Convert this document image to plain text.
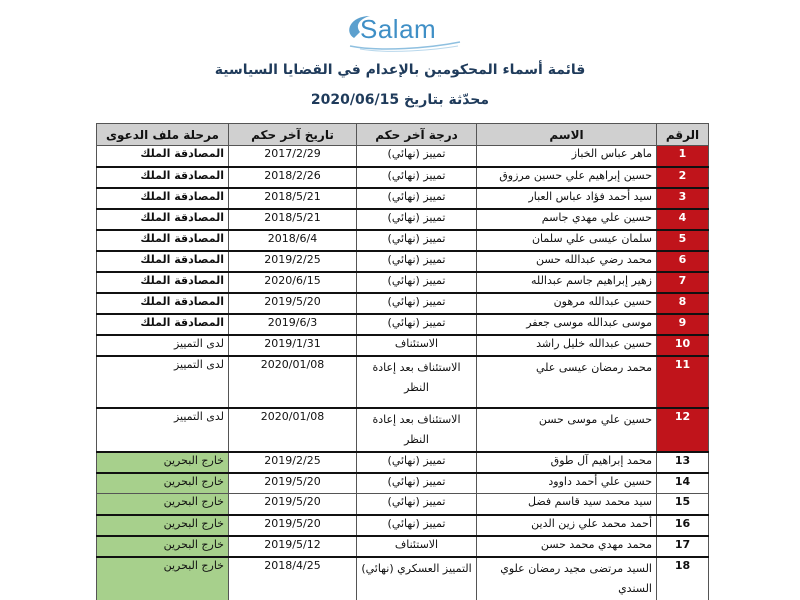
Salam
قائمة أسماء المحكومين بالإعدام في القضايا السياسية
محدّثة بتاريخ 2020/06/15
الرقم	الاسم	درجة آخر حكم	تاريخ آخر حكم	مرحلة ملف الدعوى
1	ماهر عباس الخباز	تمييز (نهائي)	2017/2/29	المصادقة الملك
2	حسين إبراهيم علي حسين مرزوق	تمييز (نهائي)	2018/2/26	المصادقة الملك
3	سيد أحمد فؤاد عباس العبار	تمييز (نهائي)	2018/5/21	المصادقة الملك
4	حسين علي مهدي جاسم	تمييز (نهائي)	2018/5/21	المصادقة الملك
5	سلمان عيسى علي سلمان	تمييز (نهائي)	2018/6/4	المصادقة الملك
6	محمد رضي عبدالله حسن	تمييز (نهائي)	2019/2/25	المصادقة الملك
7	زهير إبراهيم جاسم عبدالله	تمييز (نهائي)	2020/6/15	المصادقة الملك
8	حسين عبدالله مرهون	تمييز (نهائي)	2019/5/20	المصادقة الملك
9	موسى عبدالله موسى جعفر	تمييز (نهائي)	2019/6/3	المصادقة الملك
10	حسين عبدالله خليل راشد	الاستئناف	2019/1/31	لدى التمييز
11	محمد رمضان عيسى علي	الاستئناف بعد إعادة النظر	2020/01/08	لدى التمييز
12	حسين علي موسى حسن	الاستئناف بعد إعادة النظر	2020/01/08	لدى التمييز
13	محمد إبراهيم آل طوق	تمييز (نهائي)	2019/2/25	خارج البحرين
14	حسين علي أحمد داوود	تمييز (نهائي)	2019/5/20	خارج البحرين
15	سيد محمد سيد قاسم فضل	تمييز (نهائي)	2019/5/20	خارج البحرين
16	أحمد محمد علي زين الدين	تمييز (نهائي)	2019/5/20	خارج البحرين
17	محمد مهدي محمد حسن	الاستئناف	2019/5/12	خارج البحرين
18	السيد مرتضى مجيد رمضان علوي السندي	التمييز العسكري (نهائي)	2018/4/25	خارج البحرين
